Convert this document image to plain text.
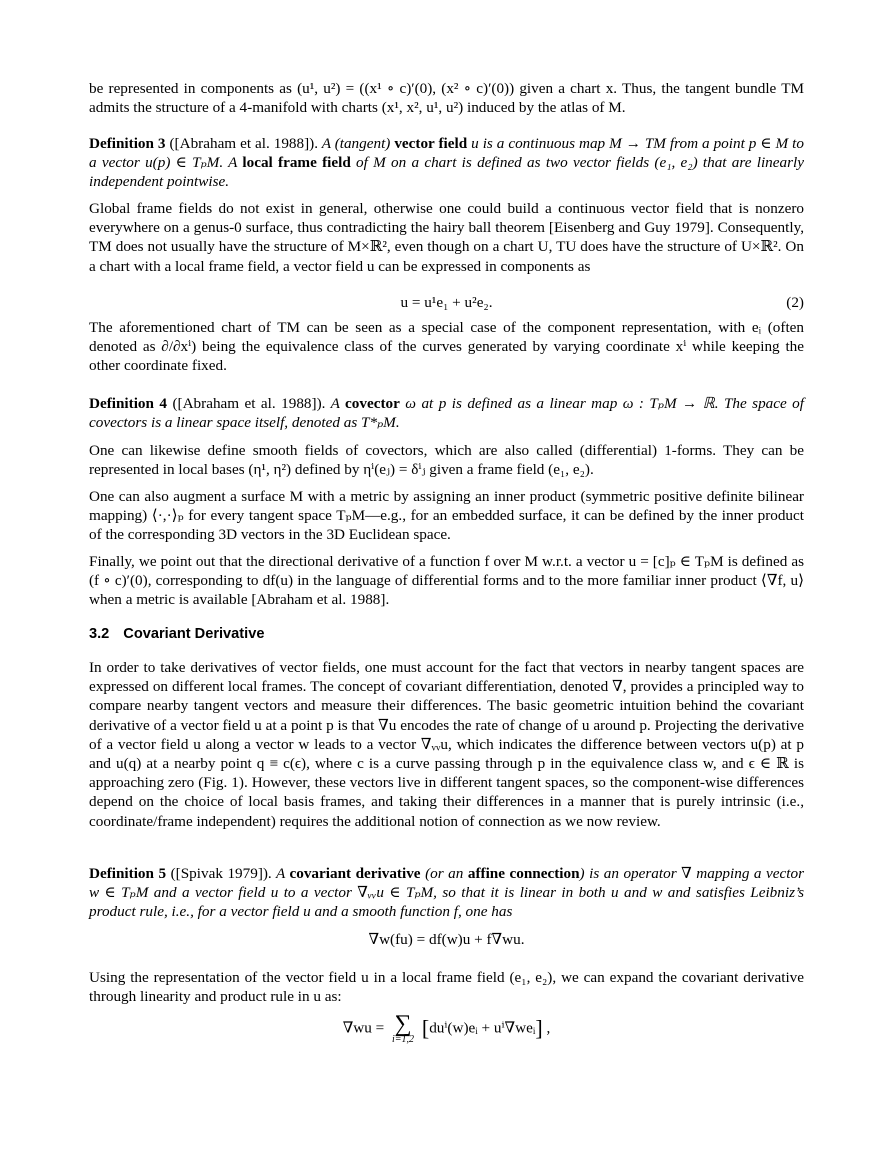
be represented in components as (u¹, u²) = ((x¹ ∘ c)′(0), (x² ∘ c)′(0)) given a chart x. Thus, the tangent bundle TM admits the structure of a 4-manifold with charts (x¹, x², u¹, u²) induced by the atlas of M.
Definition 3 ([Abraham et al. 1988]). A (tangent) vector field u is a continuous map M → TM from a point p ∈ M to a vector u(p) ∈ TₚM. A local frame field of M on a chart is defined as two vector fields (e₁, e₂) that are linearly independent pointwise.
Global frame fields do not exist in general, otherwise one could build a continuous vector field that is nonzero everywhere on a genus-0 surface, thus contradicting the hairy ball theorem [Eisenberg and Guy 1979]. Consequently, TM does not usually have the structure of M×ℝ², even though on a chart U, TU does have the structure of U×ℝ². On a chart with a local frame field, a vector field u can be expressed in components as
u = u¹e₁ + u²e₂.	(2)
The aforementioned chart of TM can be seen as a special case of the component representation, with eᵢ (often denoted as ∂/∂xⁱ) being the equivalence class of the curves generated by varying coordinate xⁱ while keeping the other coordinate fixed.
Definition 4 ([Abraham et al. 1988]). A covector ω at p is defined as a linear map ω : TₚM → ℝ. The space of covectors is a linear space itself, denoted as T*ₚM.
One can likewise define smooth fields of covectors, which are also called (differential) 1-forms. They can be represented in local bases (η¹, η²) defined by ηⁱ(eⱼ) = δⁱⱼ given a frame field (e₁, e₂).
One can also augment a surface M with a metric by assigning an inner product (symmetric positive definite bilinear mapping) ⟨·,·⟩ₚ for every tangent space TₚM—e.g., for an embedded surface, it can be defined by the inner product of the corresponding 3D vectors in the 3D Euclidean space.
Finally, we point out that the directional derivative of a function f over M w.r.t. a vector u = [c]ₚ ∈ TₚM is defined as (f ∘ c)′(0), corresponding to df(u) in the language of differential forms and to the more familiar inner product ⟨∇f, u⟩ when a metric is available [Abraham et al. 1988].
3.2 Covariant Derivative
In order to take derivatives of vector fields, one must account for the fact that vectors in nearby tangent spaces are expressed on different local frames. The concept of covariant differentiation, denoted ∇, provides a principled way to compare nearby tangent vectors and measure their differences. The basic geometric intuition behind the covariant derivative of a vector field u at a point p is that ∇u encodes the rate of change of u around p. Projecting the derivative of a vector field u along a vector w leads to a vector ∇ᵥᵥu, which indicates the difference between vectors u(p) at p and u(q) at a nearby point q ≡ c(ϵ), where c is a curve passing through p in the equivalence class w, and ϵ ∈ ℝ is approaching zero (Fig. 1). However, these vectors live in different tangent spaces, so the component-wise differences depend on the choice of local basis frames, and taking their differences in a manner that is purely intrinsic (i.e., coordinate/frame independent) requires the additional notion of connection as we now review.
Definition 5 ([Spivak 1979]). A covariant derivative (or an affine connection) is an operator ∇ mapping a vector w ∈ TₚM and a vector field u to a vector ∇ᵥᵥu ∈ TₚM, so that it is linear in both u and w and satisfies Leibniz’s product rule, i.e., for a vector field u and a smooth function f, one has
∇w(fu) = df(w)u + f∇wu.
Using the representation of the vector field u in a local frame field (e₁, e₂), we can expand the covariant derivative through linearity and product rule in u as:
∇wu = ∑
i=1,2 [duⁱ(w)eᵢ + uⁱ∇weᵢ] ,
